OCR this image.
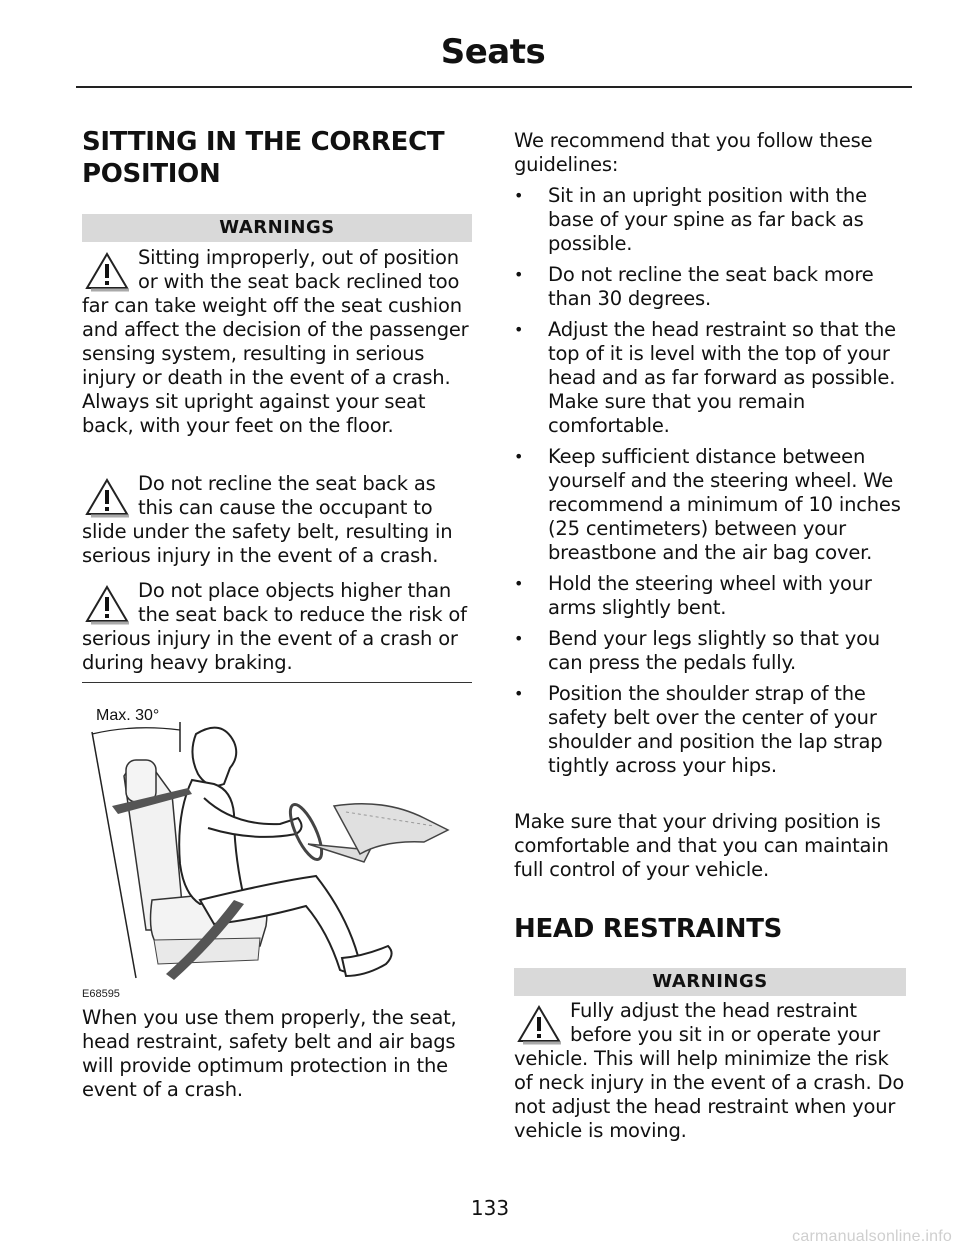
Seats
SITTING IN THE CORRECT
POSITION
WARNINGS
Sitting improperly, out of position or with the seat back reclined too far can take weight off the seat cushion and affect the decision of the passenger sensing system, resulting in serious injury or death in the event of a crash. Always sit upright against your seat back, with your feet on the floor.
Do not recline the seat back as this can cause the occupant to slide under the safety belt, resulting in serious injury in the event of a crash.
Do not place objects higher than the seat back to reduce the risk of serious injury in the event of a crash or during heavy braking.
Max. 30°
E68595
When you use them properly, the seat, head restraint, safety belt and air bags will provide optimum protection in the event of a crash.
We recommend that you follow these guidelines:
• Sit in an upright position with the base of your spine as far back as possible.
• Do not recline the seat back more than 30 degrees.
• Adjust the head restraint so that the top of it is level with the top of your head and as far forward as possible. Make sure that you remain comfortable.
• Keep sufficient distance between yourself and the steering wheel. We recommend a minimum of 10 inches (25 centimeters) between your breastbone and the air bag cover.
• Hold the steering wheel with your arms slightly bent.
• Bend your legs slightly so that you can press the pedals fully.
• Position the shoulder strap of the safety belt over the center of your shoulder and position the lap strap tightly across your hips.
Make sure that your driving position is comfortable and that you can maintain full control of your vehicle.
HEAD RESTRAINTS
WARNINGS
Fully adjust the head restraint before you sit in or operate your vehicle. This will help minimize the risk of neck injury in the event of a crash. Do not adjust the head restraint when your vehicle is moving.
133
carmanualsonline.info
